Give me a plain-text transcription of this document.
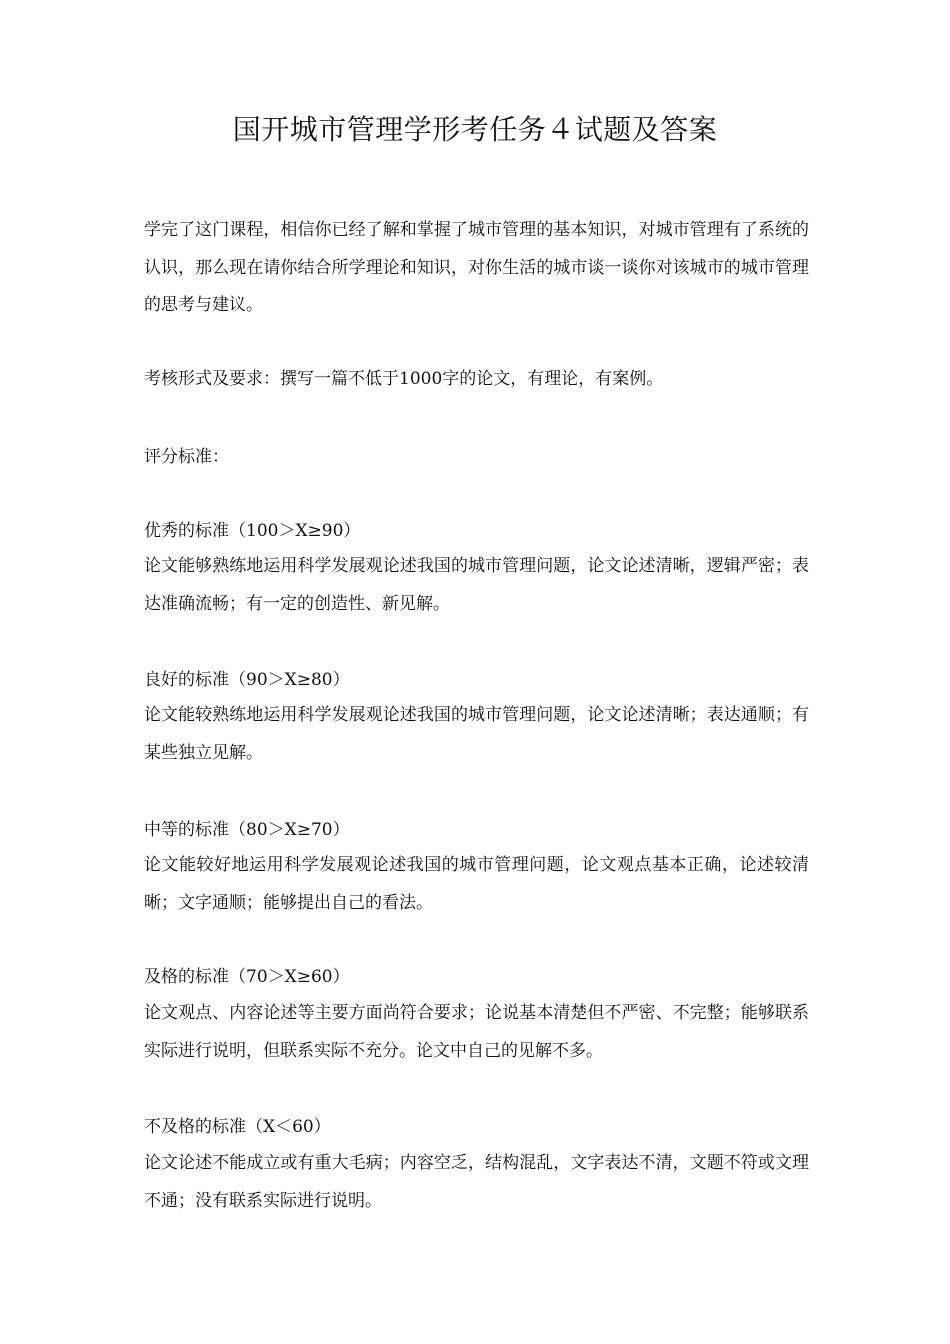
国开城市管理学形考任务４试题及答案

学完了这门课程，相信你已经了解和掌握了城市管理的基本知识，对城市管理有了系统的认识，那么现在请你结合所学理论和知识，对你生活的城市谈一谈你对该城市的城市管理的思考与建议。

考核形式及要求：撰写一篇不低于1000字的论文，有理论，有案例。

评分标准：

优秀的标准（100＞X≥90）

论文能够熟练地运用科学发展观论述我国的城市管理问题，论文论述清晰，逻辑严密；表达准确流畅；有一定的创造性、新见解。

良好的标准（90＞X≥80）

论文能较熟练地运用科学发展观论述我国的城市管理问题，论文论述清晰；表达通顺；有某些独立见解。

中等的标准（80＞X≥70）

论文能较好地运用科学发展观论述我国的城市管理问题，论文观点基本正确，论述较清晰；文字通顺；能够提出自己的看法。

及格的标准（70＞X≥60）

论文观点、内容论述等主要方面尚符合要求；论说基本清楚但不严密、不完整；能够联系实际进行说明，但联系实际不充分。论文中自己的见解不多。

不及格的标准（X＜60）

论文论述不能成立或有重大毛病；内容空乏，结构混乱，文字表达不清，文题不符或文理不通；没有联系实际进行说明。
